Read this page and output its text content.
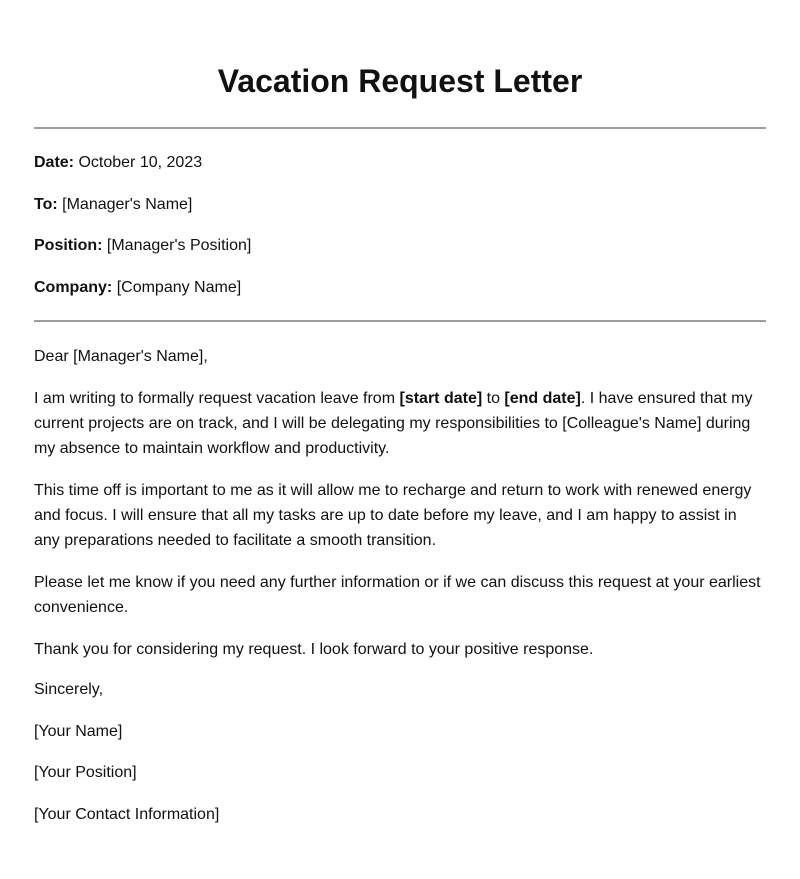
Vacation Request Letter

Date: October 10, 2023

To: [Manager's Name]

Position: [Manager's Position]

Company: [Company Name]

Dear [Manager's Name],

I am writing to formally request vacation leave from [start date] to [end date]. I have ensured that my current projects are on track, and I will be delegating my responsibilities to [Colleague's Name] during my absence to maintain workflow and productivity.

This time off is important to me as it will allow me to recharge and return to work with renewed energy and focus. I will ensure that all my tasks are up to date before my leave, and I am happy to assist in any preparations needed to facilitate a smooth transition.

Please let me know if you need any further information or if we can discuss this request at your earliest convenience.

Thank you for considering my request. I look forward to your positive response.

Sincerely,

[Your Name]

[Your Position]

[Your Contact Information]
